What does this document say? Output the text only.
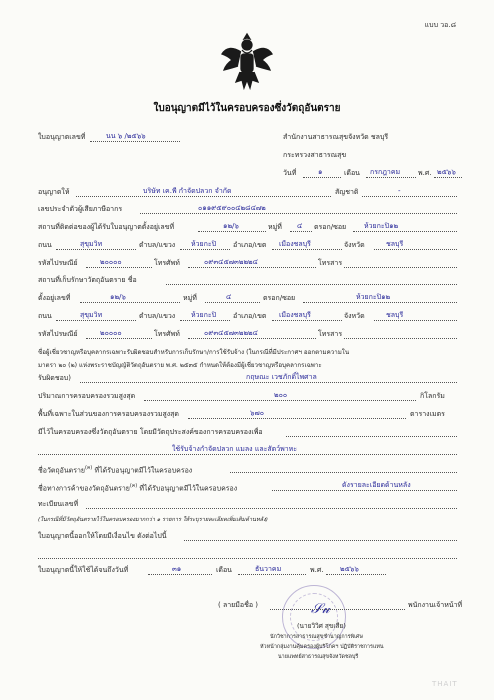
แบบ วอ.๘
ใบอนุญาตมีไว้ในครอบครองซึ่งวัตถุอันตราย
ใบอนุญาตเลขที่	นน ๖ /๒๕๖๖	สำนักงานสาธารณสุขจังหวัด ชลบุรี
กระทรวงสาธารณสุข
วันที่	๑	เดือน กรกฎาคม	พ.ศ. ๒๕๖๖
อนุญาตให้	บริษัท เค.พี กำจัดปลวก จำกัด	สัญชาติ	-
เลขประจำตัวผู้เสียภาษีอากร	๐๑๑๙๕๙๐๐๔๒๘๔๗๒
สถานที่ติดต่อของผู้ได้รับใบอนุญาตตั้งอยู่เลขที่	๑๒/๖	หมู่ที่ ๔ ตรอก/ซอย	ห้วยกะปิ๑๒
ถนน	สุขุมวิท	ตำบล/แขวง ห้วยกะปิ อำเภอ/เขต เมืองชลบุรี	จังหวัด	ชลบุรี
รหัสไปรษณีย์	๒๐๐๐๐	โทรศัพท์	๐๙๓๔๕๗๓๒๒๒๔	โทรสาร
สถานที่เก็บรักษาวัตถุอันตราย ชื่อ
ตั้งอยู่เลขที่	๑๒/๖	หมู่ที่	๔	ตรอก/ซอย	ห้วยกะปิ๑๒
ถนน	สุขุมวิท	ตำบล/แขวง ห้วยกะปิ อำเภอ/เขต เมืองชลบุรี	จังหวัด	ชลบุรี
รหัสไปรษณีย์	๒๐๐๐๐	โทรศัพท์	๐๙๓๔๕๗๓๒๒๒๔	โทรสาร
ชื่อผู้เชี่ยวชาญหรือบุคลากรเฉพาะรับผิดชอบสำหรับการเก็บรักษา/การใช้รับจ้าง (ในกรณีที่มีประกาศฯ ออกตามความใน
มาตรา ๒๐ (๒) แห่งพระราชบัญญัติวัตถุอันตราย พ.ศ. ๒๕๓๕ กำหนดให้ต้องมีผู้เชี่ยวชาญหรือบุคลากรเฉพาะ
รับผิดชอบ)	กฤษณะ เวชภักดิ์ไพศาล
ปริมาณการครอบครองรวมสูงสุด	๒๐๐	กิโลกรัม
พื้นที่เฉพาะในส่วนของการครอบครองรวมสูงสุด	๖๗๐	ตารางเมตร
มีไว้ในครอบครองซึ่งวัตถุอันตราย โดยมีวัตถุประสงค์ของการครอบครองเพื่อ
ใช้รับจ้างกำจัดปลวก แมลง และสัตว์พาหะ
ชื่อวัตถุอันตราย$^{(ค)}$ ที่ได้รับอนุญาตมีไว้ในครอบครอง
ชื่อทางการค้าของวัตถุอันตราย$^{(ค)}$ ที่ได้รับอนุญาตมีไว้ในครอบครอง	ดังรายละเอียดด้านหลัง
ทะเบียนเลขที่
(ในกรณีที่มีวัตถุอันตรายไว้ในครอบครองมากกว่า ๑ รายการ ให้ระบุรายละเอียดเพิ่มเติมด้านหลัง)
ใบอนุญาตนี้ออกให้โดยมีเงื่อนไข ดังต่อไปนี้
ใบอนุญาตนี้ให้ใช้ได้จนถึงวันที่	๓๑	เดือน	ธันวาคม	พ.ศ. ๒๕๖๖
𝒮𝓊
( ลายมือชื่อ )	พนักงานเจ้าหน้าที่
(นายวิวิศ สุขเสีย)
นักวิชาการสาธารณสุขชำนาญการพิเศษ
หัวหน้ากลุ่มงานคุ้มครองผู้บริโภคฯ ปฏิบัติราชการแทน
นายแพทย์สาธารณสุขจังหวัดชลบุรี
THAIT
